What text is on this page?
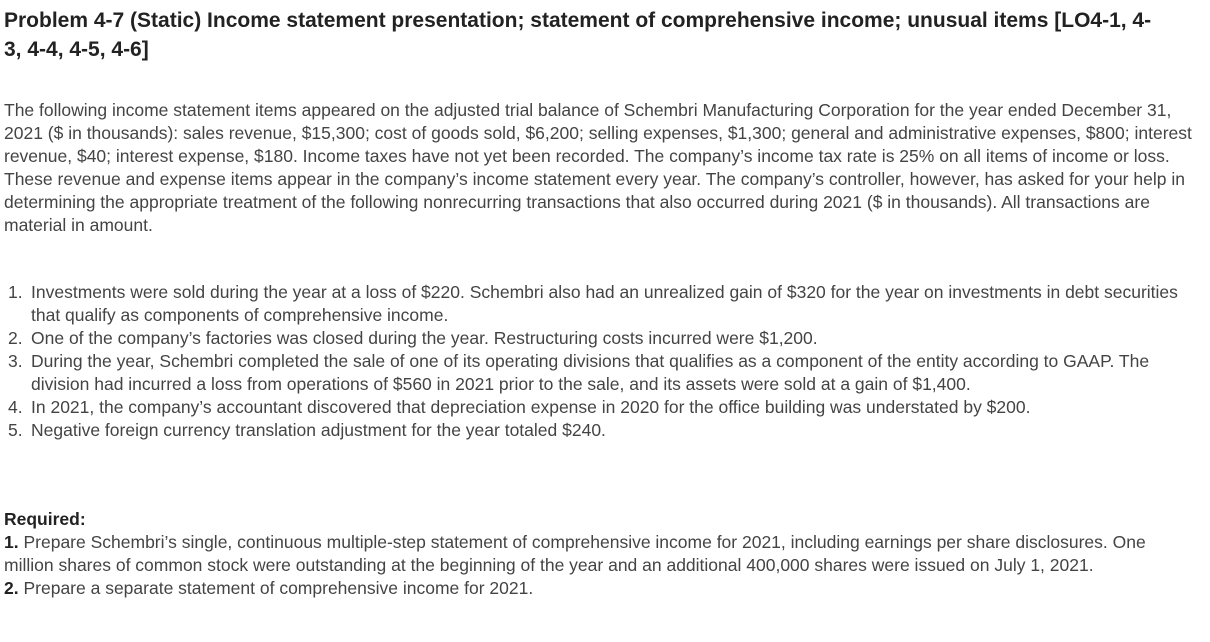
Problem 4-7 (Static) Income statement presentation; statement of comprehensive income; unusual items [LO4-1, 4-3, 4-4, 4-5, 4-6]

The following income statement items appeared on the adjusted trial balance of Schembri Manufacturing Corporation for the year ended December 31, 2021 ($ in thousands): sales revenue, $15,300; cost of goods sold, $6,200; selling expenses, $1,300; general and administrative expenses, $800; interest revenue, $40; interest expense, $180. Income taxes have not yet been recorded. The company’s income tax rate is 25% on all items of income or loss. These revenue and expense items appear in the company’s income statement every year. The company’s controller, however, has asked for your help in determining the appropriate treatment of the following nonrecurring transactions that also occurred during 2021 ($ in thousands). All transactions are material in amount.

1. Investments were sold during the year at a loss of $220. Schembri also had an unrealized gain of $320 for the year on investments in debt securities that qualify as components of comprehensive income.
2. One of the company’s factories was closed during the year. Restructuring costs incurred were $1,200.
3. During the year, Schembri completed the sale of one of its operating divisions that qualifies as a component of the entity according to GAAP. The division had incurred a loss from operations of $560 in 2021 prior to the sale, and its assets were sold at a gain of $1,400.
4. In 2021, the company’s accountant discovered that depreciation expense in 2020 for the office building was understated by $200.
5. Negative foreign currency translation adjustment for the year totaled $240.
Required:

1. Prepare Schembri’s single, continuous multiple-step statement of comprehensive income for 2021, including earnings per share disclosures. One million shares of common stock were outstanding at the beginning of the year and an additional 400,000 shares were issued on July 1, 2021.

2. Prepare a separate statement of comprehensive income for 2021.
